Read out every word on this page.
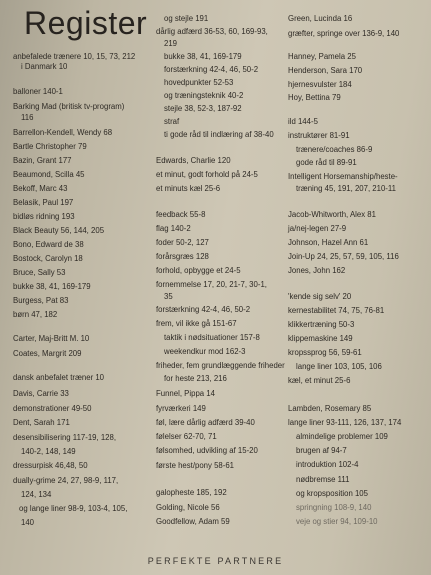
Register
anbefalede trænere 10, 15, 73, 212
i Danmark 10
balloner 140-1
Barking Mad (britisk tv-program)
116
Barrellon-Kendell, Wendy 68
Bartle Christopher 79
Bazin, Grant 177
Beaumond, Scilla 45
Bekoff, Marc 43
Belasik, Paul 197
bidløs ridning 193
Black Beauty 56, 144, 205
Bono, Edward de 38
Bostock, Carolyn 18
Bruce, Sally 53
bukke 38, 41, 169-179
Burgess, Pat 83
børn 47, 182
Carter, Maj-Britt M. 10
Coates, Margrit 209
dansk anbefalet træner 10
Davis, Carrie 33
demonstrationer 49-50
Dent, Sarah 171
desensibilisering 117-19, 128,
140-2, 148, 149
dressurpisk 46,48, 50
dually-grime 24, 27, 98-9, 117,
124, 134
og lange liner 98-9, 103-4, 105,
140
og stejle 191
dårlig adfærd 36-53, 60, 169-93,
219
bukke 38, 41, 169-179
forstærkning 42-4, 46, 50-2
hovedpunkter 52-53
og træningsteknik 40-2
stejle 38, 52-3, 187-92
straf
ti gode råd til indlæring af 38-40
Edwards, Charlie 120
et minut, godt forhold på 24-5
et minuts kæl 25-6
feedback 55-8
flag 140-2
foder 50-2, 127
forårsgræs 128
forhold, opbygge et 24-5
fornemmelse 17, 20, 21-7, 30-1,
35
forstærkning 42-4, 46, 50-2
frem, vil ikke gå 151-67
taktik i nødsituationer 157-8
weekendkur mod 162-3
friheder, fem grundlæggende friheder
for heste 213, 216
Funnel, Pippa 14
fyrværkeri 149
føl, lære dårlig adfærd 39-40
følelser 62-70, 71
følsomhed, udvikling af 15-20
første hest/pony 58-61
galopheste 185, 192
Golding, Nicole 56
Goodfellow, Adam 59
Green, Lucinda 16
græfter, springe over 136-9, 140
Hanney, Pamela 25
Henderson, Sara 170
hjernesvulster 184
Hoy, Bettina 79
ild 144-5
instruktører 81-91
trænere/coaches 86-9
gode råd til 89-91
Intelligent Horsemanship/heste-
træning 45, 191, 207, 210-11
Jacob-Whitworth, Alex 81
ja/nej-legen 27-9
Johnson, Hazel Ann 61
Join-Up 24, 25, 57, 59, 105, 116
Jones, John 162
'kende sig selv' 20
kernestabilitet 74, 75, 76-81
klikkertræning 50-3
klippemaskine 149
kropssprog 56, 59-61
lange liner 103, 105, 106
kæl, et minut 25-6
Lambden, Rosemary 85
lange liner 93-111, 126, 137, 174
almindelige problemer 109
brugen af 94-7
introduktion 102-4
nødbremse 111
og kropsposition 105
springning 108-9, 140
veje og stier 94, 109-10
PERFEKTE PARTNERE
